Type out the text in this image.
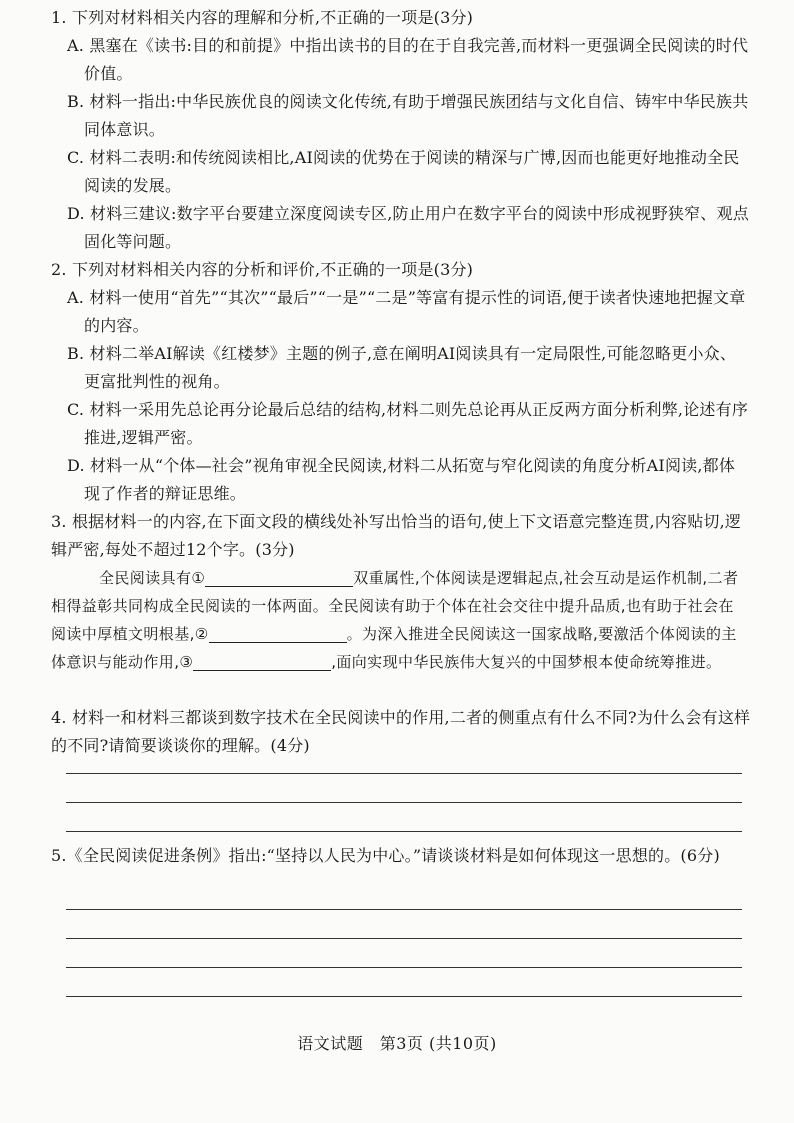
1. 下列对材料相关内容的理解和分析,不正确的一项是(3分)
A. 黑塞在《读书:目的和前提》中指出读书的目的在于自我完善,而材料一更强调全民阅读的时代价值。
B. 材料一指出:中华民族优良的阅读文化传统,有助于增强民族团结与文化自信、铸牢中华民族共同体意识。
C. 材料二表明:和传统阅读相比,AI阅读的优势在于阅读的精深与广博,因而也能更好地推动全民阅读的发展。
D. 材料三建议:数字平台要建立深度阅读专区,防止用户在数字平台的阅读中形成视野狭窄、观点固化等问题。
2. 下列对材料相关内容的分析和评价,不正确的一项是(3分)
A. 材料一使用“首先”“其次”“最后”“一是”“二是”等富有提示性的词语,便于读者快速地把握文章的内容。
B. 材料二举AI解读《红楼梦》主题的例子,意在阐明AI阅读具有一定局限性,可能忽略更小众、更富批判性的视角。
C. 材料一采用先总论再分论最后总结的结构,材料二则先总论再从正反两方面分析利弊,论述有序推进,逻辑严密。
D. 材料一从“个体—社会”视角审视全民阅读,材料二从拓宽与窄化阅读的角度分析AI阅读,都体现了作者的辩证思维。
3. 根据材料一的内容,在下面文段的横线处补写出恰当的语句,使上下文语意完整连贯,内容贴切,逻辑严密,每处不超过12个字。(3分)
全民阅读具有①	双重属性,个体阅读是逻辑起点,社会互动是运作机制,二者相得益彰共同构成全民阅读的一体两面。全民阅读有助于个体在社会交往中提升品质,也有助于社会在阅读中厚植文明根基,②	。为深入推进全民阅读这一国家战略,要激活个体阅读的主体意识与能动作用,③	,面向实现中华民族伟大复兴的中国梦根本使命统筹推进。
4. 材料一和材料三都谈到数字技术在全民阅读中的作用,二者的侧重点有什么不同?为什么会有这样的不同?请简要谈谈你的理解。(4分)
5.《全民阅读促进条例》指出:“坚持以人民为中心。”请谈谈材料是如何体现这一思想的。(6分)
语文试题　第3页 (共10页)
